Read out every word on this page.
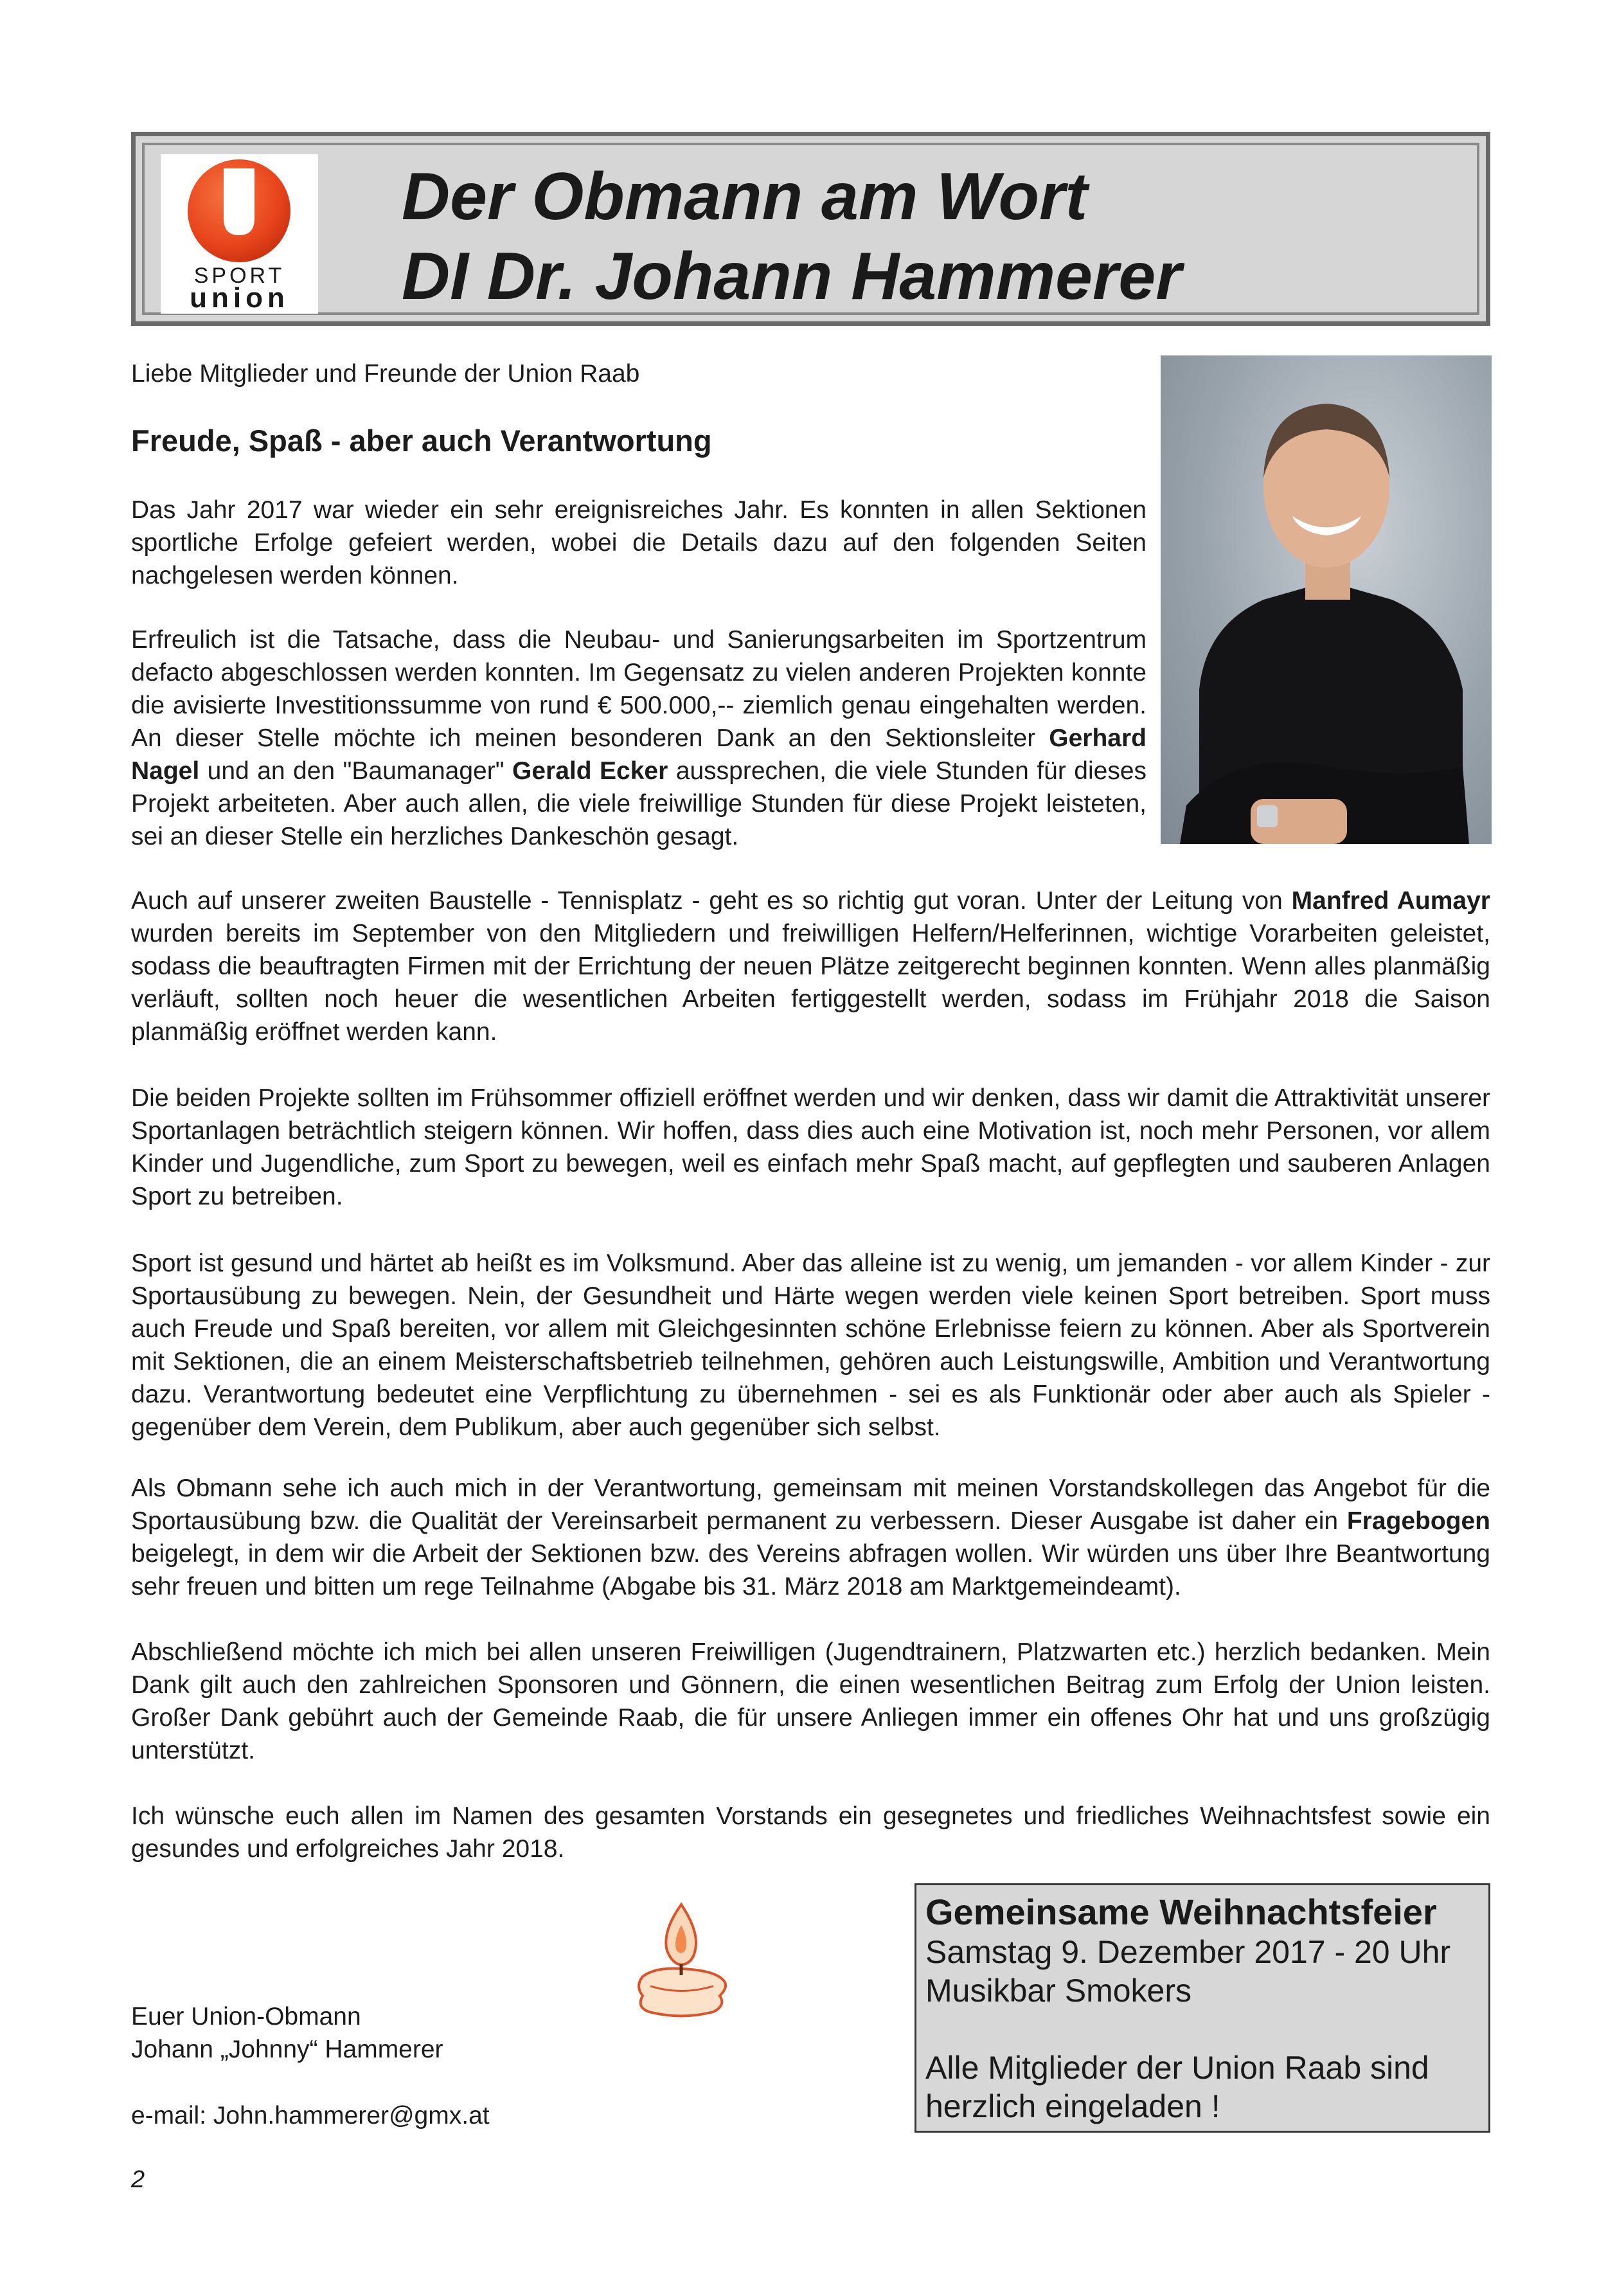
SPORT
union
Der Obmann am Wort
DI Dr. Johann Hammerer

Liebe Mitglieder und Freunde der Union Raab

Freude, Spaß - aber auch Verantwortung

Das Jahr 2017 war wieder ein sehr ereignisreiches Jahr. Es konnten in allen Sektionen sportliche Erfolge gefeiert werden, wobei die Details dazu auf den folgenden Seiten nachgelesen werden können.

Erfreulich ist die Tatsache, dass die Neubau- und Sanierungsarbeiten im Sportzentrum defacto abgeschlossen werden konnten. Im Gegensatz zu vielen anderen Projekten konnte die avisierte Investitionssumme von rund € 500.000,-- ziemlich genau eingehalten werden. An dieser Stelle möchte ich meinen besonderen Dank an den Sektionsleiter Gerhard Nagel und an den "Baumanager" Gerald Ecker aussprechen, die viele Stunden für dieses Projekt arbeiteten. Aber auch allen, die viele freiwillige Stunden für diese Projekt leisteten, sei an dieser Stelle ein herzliches Dankeschön gesagt.

Auch auf unserer zweiten Baustelle - Tennisplatz - geht es so richtig gut voran. Unter der Leitung von Manfred Aumayr wurden bereits im September von den Mitgliedern und freiwilligen Helfern/Helferinnen, wichtige Vorarbeiten geleistet, sodass die beauftragten Firmen mit der Errichtung der neuen Plätze zeitgerecht beginnen konnten. Wenn alles planmäßig verläuft, sollten noch heuer die wesentlichen Arbeiten fertiggestellt werden, sodass im Frühjahr 2018 die Saison planmäßig eröffnet werden kann.

Die beiden Projekte sollten im Frühsommer offiziell eröffnet werden und wir denken, dass wir damit die Attraktivität unserer Sportanlagen beträchtlich steigern können. Wir hoffen, dass dies auch eine Motivation ist, noch mehr Personen, vor allem Kinder und Jugendliche, zum Sport zu bewegen, weil es einfach mehr Spaß macht, auf gepflegten und sauberen Anlagen Sport zu betreiben.

Sport ist gesund und härtet ab heißt es im Volksmund. Aber das alleine ist zu wenig, um jemanden - vor allem Kinder - zur Sportausübung zu bewegen. Nein, der Gesundheit und Härte wegen werden viele keinen Sport betreiben. Sport muss auch Freude und Spaß bereiten, vor allem mit Gleichgesinnten schöne Erlebnisse feiern zu können. Aber als Sportverein mit Sektionen, die an einem Meisterschaftsbetrieb teilnehmen, gehören auch Leistungswille, Ambition und Verantwortung dazu. Verantwortung bedeutet eine Verpflichtung zu übernehmen - sei es als Funktionär oder aber auch als Spieler - gegenüber dem Verein, dem Publikum, aber auch gegenüber sich selbst.

Als Obmann sehe ich auch mich in der Verantwortung, gemeinsam mit meinen Vorstandskollegen das Angebot für die Sportausübung bzw. die Qualität der Vereinsarbeit permanent zu verbessern. Dieser Ausgabe ist daher ein Fragebogen beigelegt, in dem wir die Arbeit der Sektionen bzw. des Vereins abfragen wollen. Wir würden uns über Ihre Beantwortung sehr freuen und bitten um rege Teilnahme (Abgabe bis 31. März 2018 am Marktgemeindeamt).

Abschließend möchte ich mich bei allen unseren Freiwilligen (Jugendtrainern, Platzwarten etc.) herzlich bedanken. Mein Dank gilt auch den zahlreichen Sponsoren und Gönnern, die einen wesentlichen Beitrag zum Erfolg der Union leisten. Großer Dank gebührt auch der Gemeinde Raab, die für unsere Anliegen immer ein offenes Ohr hat und uns großzügig unterstützt.

Ich wünsche euch allen im Namen des gesamten Vorstands ein gesegnetes und friedliches Weihnachtsfest sowie ein gesundes und erfolgreiches Jahr 2018.

Euer Union-Obmann
Johann „Johnny“ Hammerer

e-mail: John.hammerer@gmx.at

Gemeinsame Weihnachtsfeier

Samstag 9. Dezember 2017 - 20 Uhr

Musikbar Smokers

Alle Mitglieder der Union Raab sind

herzlich eingeladen !

2
